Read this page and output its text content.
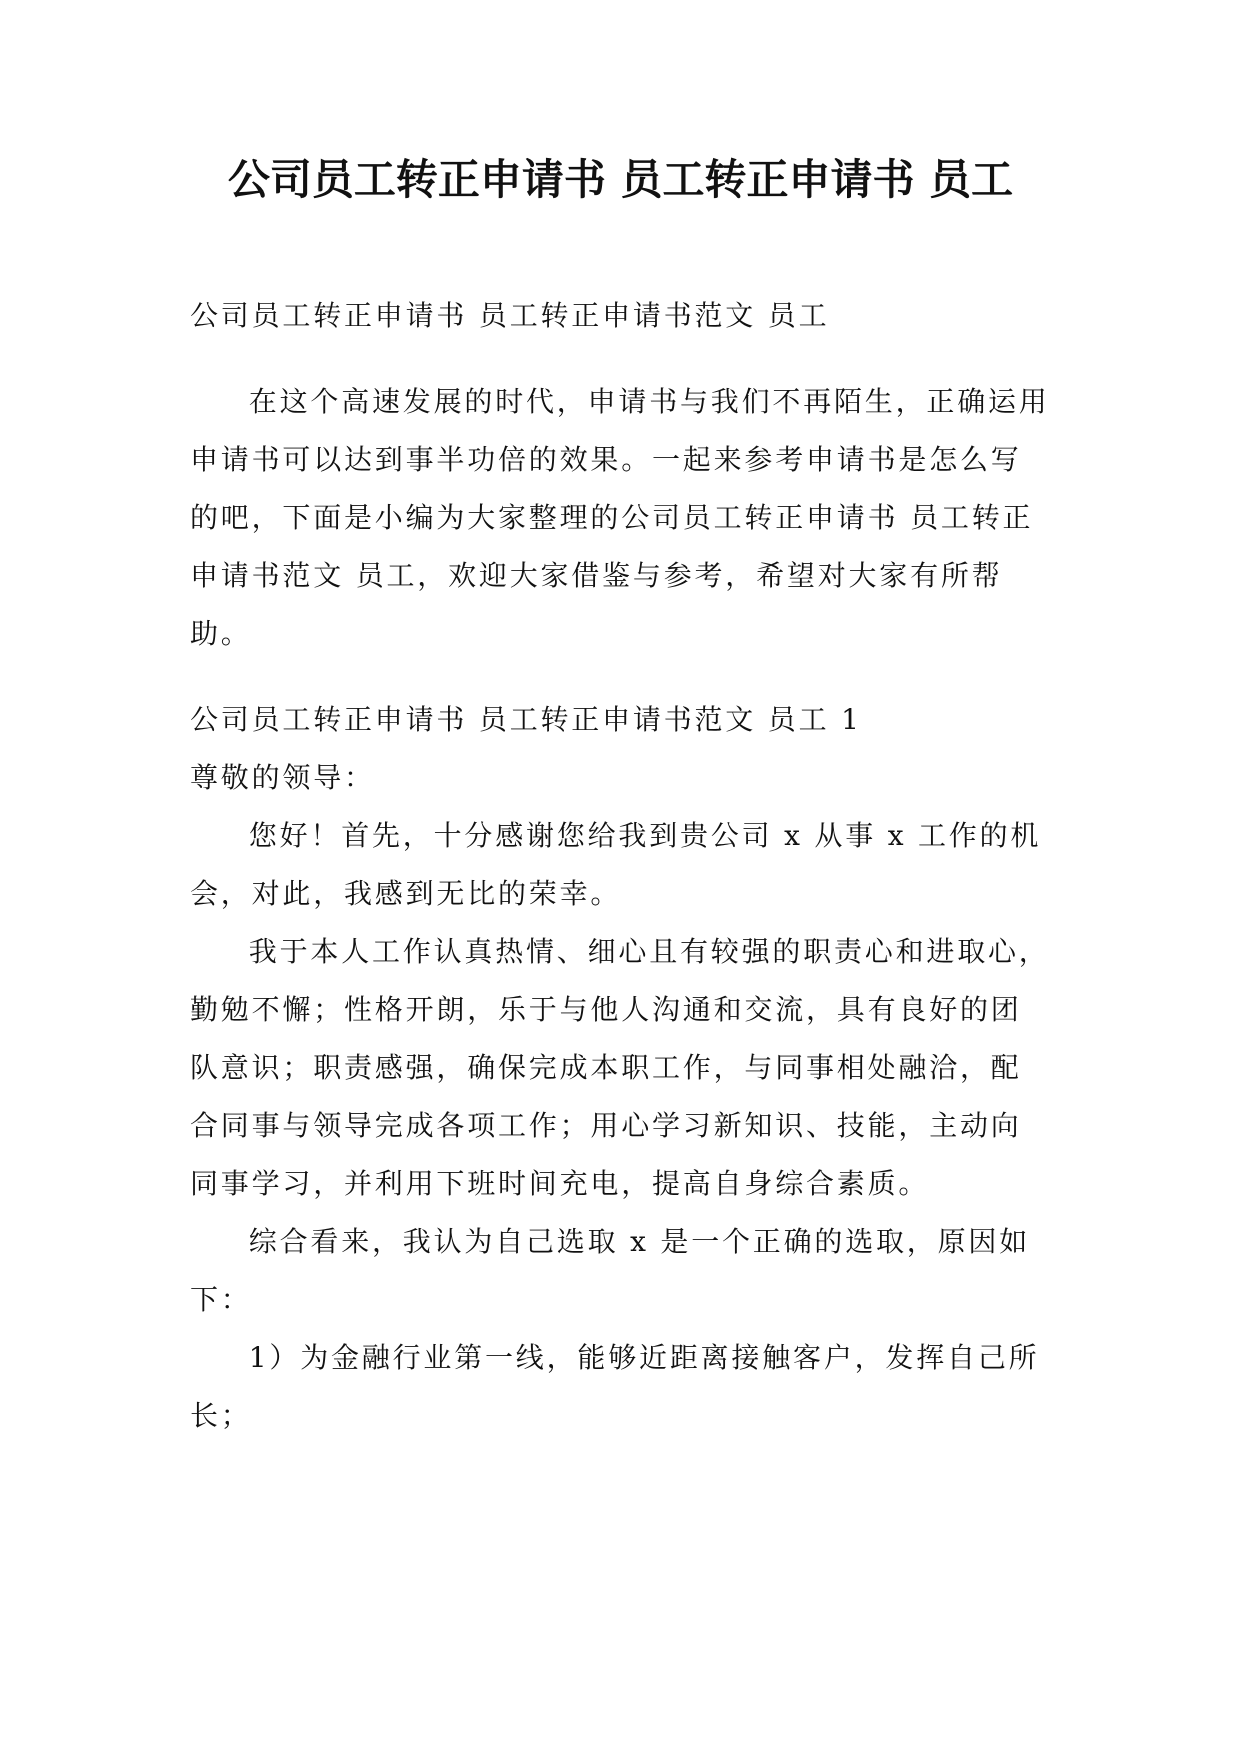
公司员工转正申请书 员工转正申请书 员工

公司员工转正申请书 员工转正申请书范文 员工

在这个高速发展的时代，申请书与我们不再陌生，正确运用申请书可以达到事半功倍的效果。一起来参考申请书是怎么写的吧，下面是小编为大家整理的公司员工转正申请书 员工转正申请书范文 员工，欢迎大家借鉴与参考，希望对大家有所帮助。

公司员工转正申请书 员工转正申请书范文 员工 1

尊敬的领导：

您好！首先，十分感谢您给我到贵公司 x 从事 x 工作的机会，对此，我感到无比的荣幸。

我于本人工作认真热情、细心且有较强的职责心和进取心，勤勉不懈；性格开朗，乐于与他人沟通和交流，具有良好的团队意识；职责感强，确保完成本职工作，与同事相处融洽，配合同事与领导完成各项工作；用心学习新知识、技能，主动向同事学习，并利用下班时间充电，提高自身综合素质。

综合看来，我认为自己选取 x 是一个正确的选取，原因如下：

1）为金融行业第一线，能够近距离接触客户，发挥自己所长；
